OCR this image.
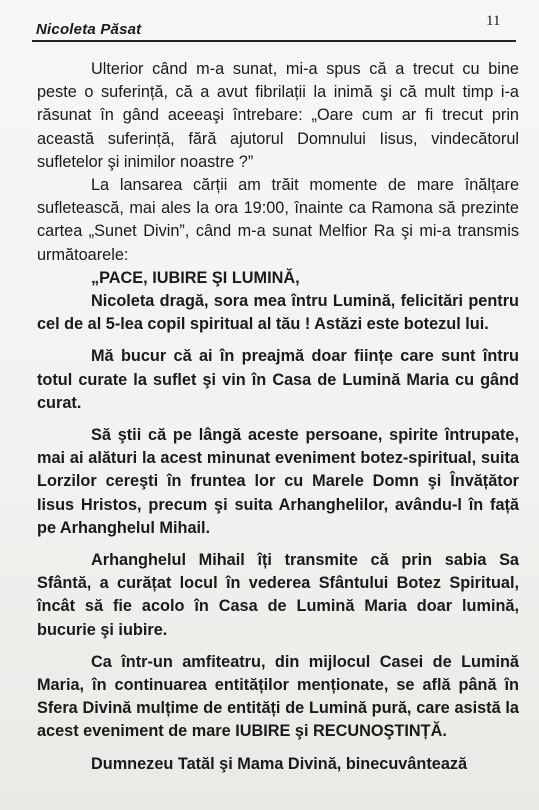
Nicoleta Păsat	11

Ulterior când m-a sunat, mi-a spus că a trecut cu bine peste o suferință, că a avut fibrilații la inimă şi că mult timp i-a răsunat în gând aceeaşi întrebare: „Oare cum ar fi trecut prin această suferință, fără ajutorul Domnului Iisus, vindecătorul sufletelor şi inimilor noastre ?”

La lansarea cărții am trăit momente de mare înălțare sufletească, mai ales la ora 19:00, înainte ca Ramona să prezinte cartea „Sunet Divin”, când m-a sunat Melfior Ra şi mi-a transmis următoarele:

„PACE, IUBIRE ŞI LUMINĂ,

Nicoleta dragă, sora mea întru Lumină, felicitări pentru cel de al 5-lea copil spiritual al tău ! Astăzi este botezul lui.

Mă bucur că ai în preajmă doar ființe care sunt întru totul curate la suflet şi vin în Casa de Lumină Maria cu gând curat.

Să ştii că pe lângă aceste persoane, spirite întrupate, mai ai alături la acest minunat eveniment botez-spiritual, suita Lorzilor cereşti în fruntea lor cu Marele Domn şi Învățător Iisus Hristos, precum şi suita Arhanghelilor, avându-l în față pe Arhanghelul Mihail.

Arhanghelul Mihail îți transmite că prin sabia Sa Sfântă, a curățat locul în vederea Sfântului Botez Spiritual, încât să fie acolo în Casa de Lumină Maria doar lumină, bucurie şi iubire.

Ca într-un amfiteatru, din mijlocul Casei de Lumină Maria, în continuarea entităților menționate, se află până în Sfera Divină mulțime de entități de Lumină pură, care asistă la acest eveniment de mare IUBIRE şi RECUNOŞTINȚĂ.

Dumnezeu Tatăl şi Mama Divină, binecuvântează
